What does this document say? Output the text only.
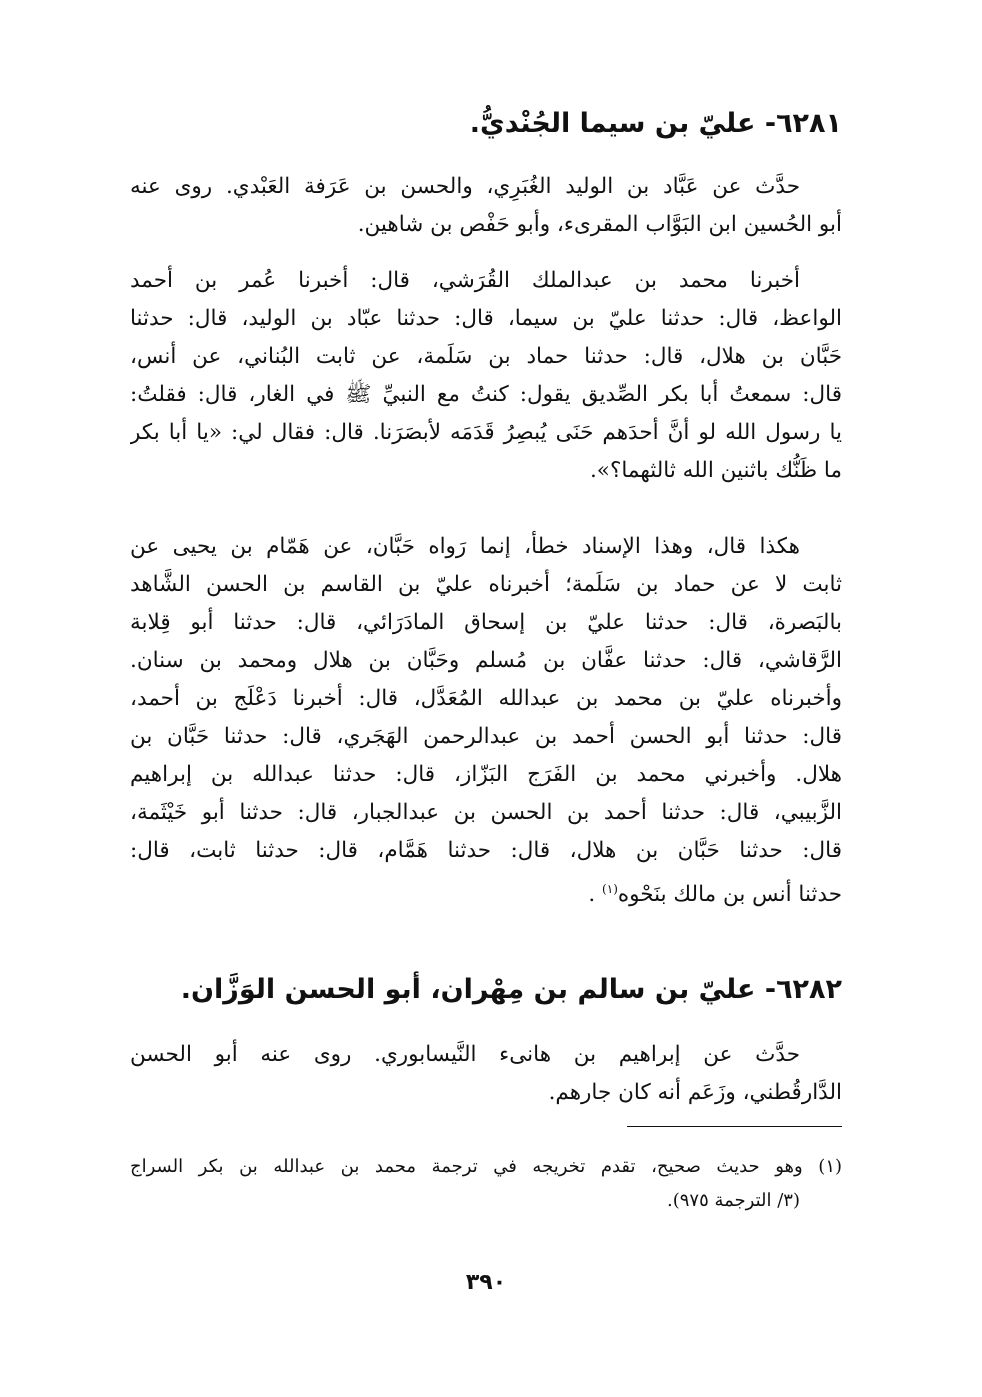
٦٢٨١- عليّ بن سيما الجُنْديُّ.
حدَّث عن عَبَّاد بن الوليد الغُبَرِي، والحسن بن عَرَفة العَبْدي. روى عنه
أبو الحُسين ابن البَوَّاب المقرىء، وأبو حَفْص بن شاهين.
أخبرنا محمد بن عبدالملك القُرَشي، قال: أخبرنا عُمر بن أحمد
الواعظ، قال: حدثنا عليّ بن سيما، قال: حدثنا عبّاد بن الوليد، قال: حدثنا
حَبَّان بن هلال، قال: حدثنا حماد بن سَلَمة، عن ثابت البُناني، عن أنس،
قال: سمعتُ أبا بكر الصِّديق يقول: كنتُ مع النبيِّ ﷺ في الغار، قال: فقلتُ:
يا رسول الله لو أنَّ أحدَهم حَنَى يُبصِرُ قَدَمَه لأبصَرَنا. قال: فقال لي: «يا أبا بكر
ما ظَنُّك باثنين الله ثالثهما؟».
هكذا قال، وهذا الإسناد خطأ، إنما رَواه حَبَّان، عن هَمّام بن يحيى عن
ثابت لا عن حماد بن سَلَمة؛ أخبرناه عليّ بن القاسم بن الحسن الشَّاهد
بالبَصرة، قال: حدثنا عليّ بن إسحاق المادَرَائي، قال: حدثنا أبو قِلابة
الرَّقاشي، قال: حدثنا عفَّان بن مُسلم وحَبَّان بن هلال ومحمد بن سنان.
وأخبرناه عليّ بن محمد بن عبدالله المُعَدَّل، قال: أخبرنا دَعْلَج بن أحمد،
قال: حدثنا أبو الحسن أحمد بن عبدالرحمن الهَجَري، قال: حدثنا حَبَّان بن
هلال. وأخبرني محمد بن الفَرَج البَزّاز، قال: حدثنا عبدالله بن إبراهيم
الزَّبيبي، قال: حدثنا أحمد بن الحسن بن عبدالجبار، قال: حدثنا أبو خَيْثَمة،
قال: حدثنا حَبَّان بن هلال، قال: حدثنا هَمَّام، قال: حدثنا ثابت، قال:
حدثنا أنس بن مالك بنَحْوه$^{(١)}$ .
٦٢٨٢- عليّ بن سالم بن مِهْران، أبو الحسن الوَزَّان.
حدَّث عن إبراهيم بن هانىء النَّيسابوري. روى عنه أبو الحسن
الدَّارقُطني، وزَعَم أنه كان جارهم.
(١) وهو حديث صحيح، تقدم تخريجه في ترجمة محمد بن عبدالله بن بكر السراج
(٣/ الترجمة ٩٧٥).
٣٩٠
